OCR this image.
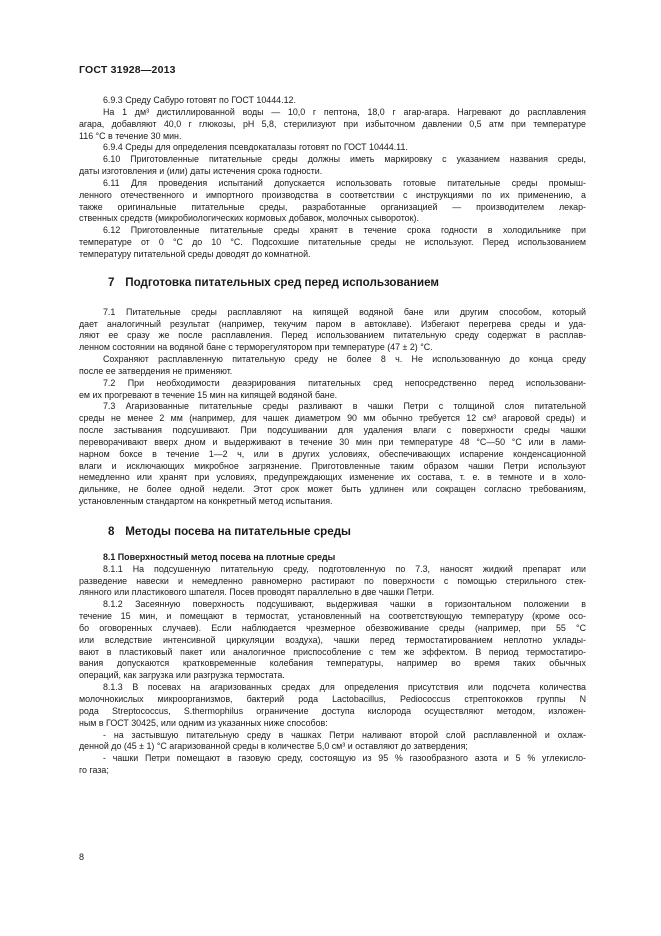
ГОСТ 31928—2013
6.9.3 Среду Сабуро готовят по ГОСТ 10444.12.
На 1 дм³ дистиллированной воды — 10,0 г пептона, 18,0 г агар-агара. Нагревают до расплавления
агара, добавляют 40,0 г глюкозы, рН 5,8, стерилизуют при избыточном давлении 0,5 атм при температуре
116 °С в течение 30 мин.
6.9.4 Среды для определения псевдокаталазы готовят по ГОСТ 10444.11.
6.10 Приготовленные питательные среды должны иметь маркировку с указанием названия среды,
даты изготовления и (или) даты истечения срока годности.
6.11 Для проведения испытаний допускается использовать готовые питательные среды промыш-
ленного отечественного и импортного производства в соответствии с инструкциями по их применению, а
также оригинальные питательные среды, разработанные организацией — производителем лекар-
ственных средств (микробиологических кормовых добавок, молочных сывороток).
6.12 Приготовленные питательные среды хранят в течение срока годности в холодильнике при
температуре от 0 °С до 10 °С. Подсохшие питательные среды не используют. Перед использованием
температуру питательной среды доводят до комнатной.
7 Подготовка питательных сред перед использованием
7.1 Питательные среды расплавляют на кипящей водяной бане или другим способом, который
дает аналогичный результат (например, текучим паром в автоклаве). Избегают перегрева среды и уда-
ляют ее сразу же после расплавления. Перед использованием питательную среду содержат в расплав-
ленном состоянии на водяной бане с терморегулятором при температуре (47 ± 2) °С.
Сохраняют расплавленную питательную среду не более 8 ч. Не использованную до конца среду
после ее затвердения не применяют.
7.2 При необходимости деаэрирования питательных сред непосредственно перед использовани-
ем их прогревают в течение 15 мин на кипящей водяной бане.
7.3 Агаризованные питательные среды разливают в чашки Петри с толщиной слоя питательной
среды не менее 2 мм (например, для чашек диаметром 90 мм обычно требуется 12 см³ агаровой среды) и
после застывания подсушивают. При подсушивании для удаления влаги с поверхности среды чашки
переворачивают вверх дном и выдерживают в течение 30 мин при температуре 48 °С—50 °С или в лами-
нарном боксе в течение 1—2 ч, или в других условиях, обеспечивающих испарение конденсационной
влаги и исключающих микробное загрязнение. Приготовленные таким образом чашки Петри используют
немедленно или хранят при условиях, предупреждающих изменение их состава, т. е. в темноте и в холо-
дильнике, не более одной недели. Этот срок может быть удлинен или сокращен согласно требованиям,
установленным стандартом на конкретный метод испытания.
8 Методы посева на питательные среды
8.1 Поверхностный метод посева на плотные среды
8.1.1 На подсушенную питательную среду, подготовленную по 7.3, наносят жидкий препарат или
разведение навески и немедленно равномерно растирают по поверхности с помощью стерильного стек-
лянного или пластикового шпателя. Посев проводят параллельно в две чашки Петри.
8.1.2 Засеянную поверхность подсушивают, выдерживая чашки в горизонтальном положении в
течение 15 мин, и помещают в термостат, установленный на соответствующую температуру (кроме осо-
бо оговоренных случаев). Если наблюдается чрезмерное обезвоживание среды (например, при 55 °С
или вследствие интенсивной циркуляции воздуха), чашки перед термостатированием неплотно уклады-
вают в пластиковый пакет или аналогичное приспособление с тем же эффектом. В период термостатиро-
вания допускаются кратковременные колебания температуры, например во время таких обычных
операций, как загрузка или разгрузка термостата.
8.1.3 В посевах на агаризованных средах для определения присутствия или подсчета количества
молочнокислых микроорганизмов, бактерий рода Lactobacillus, Pediococcus стрептококков группы N
рода Streptococcus, S.thermophilus ограничение доступа кислорода осуществляют методом, изложен-
ным в ГОСТ 30425, или одним из указанных ниже способов:
- на застывшую питательную среду в чашках Петри наливают второй слой расплавленной и охлаж-
денной до (45 ± 1) °С агаризованной среды в количестве 5,0 см³ и оставляют до затвердения;
- чашки Петри помещают в газовую среду, состоящую из 95 % газообразного азота и 5 % углекисло-
го газа;
8
